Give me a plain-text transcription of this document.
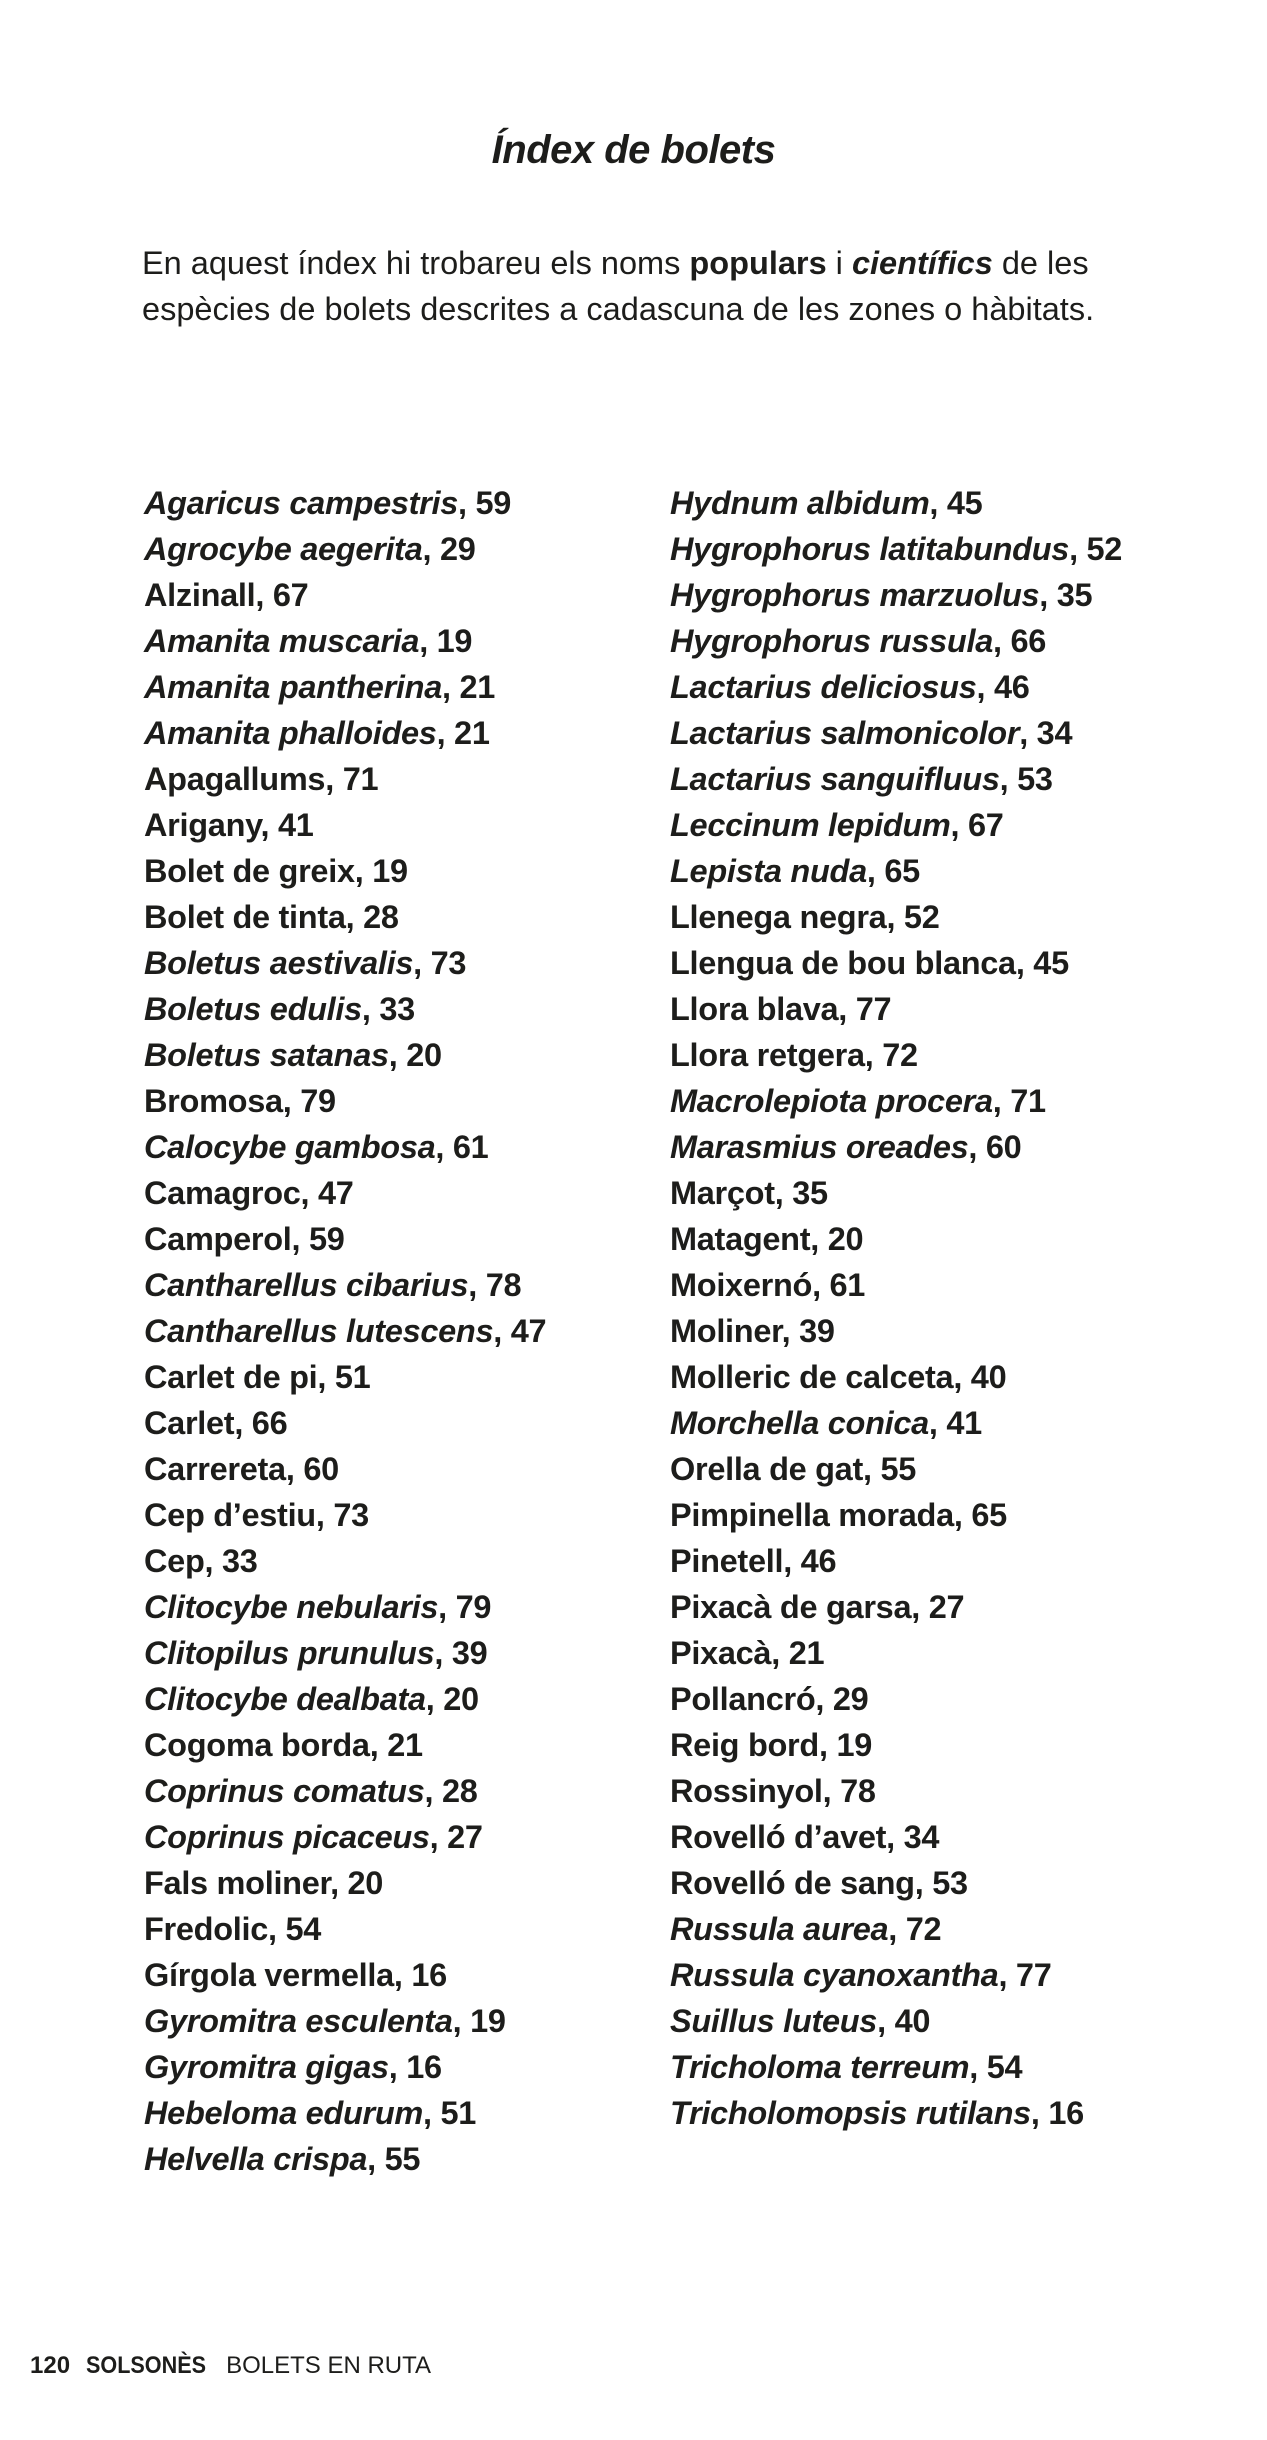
Índex de bolets

En aquest índex hi trobareu els noms populars i científics de les espècies de bolets descrites a cadascuna de les zones o hàbitats.

Agaricus campestris, 59
Agrocybe aegerita, 29
Alzinall, 67
Amanita muscaria, 19
Amanita pantherina, 21
Amanita phalloides, 21
Apagallums, 71
Arigany, 41
Bolet de greix, 19
Bolet de tinta, 28
Boletus aestivalis, 73
Boletus edulis, 33
Boletus satanas, 20
Bromosa, 79
Calocybe gambosa, 61
Camagroc, 47
Camperol, 59
Cantharellus cibarius, 78
Cantharellus lutescens, 47
Carlet de pi, 51
Carlet, 66
Carrereta, 60
Cep d’estiu, 73
Cep, 33
Clitocybe nebularis, 79
Clitopilus prunulus, 39
Clitocybe dealbata, 20
Cogoma borda, 21
Coprinus comatus, 28
Coprinus picaceus, 27
Fals moliner, 20
Fredolic, 54
Gírgola vermella, 16
Gyromitra esculenta, 19
Gyromitra gigas, 16
Hebeloma edurum, 51
Helvella crispa, 55
Hydnum albidum, 45
Hygrophorus latitabundus, 52
Hygrophorus marzuolus, 35
Hygrophorus russula, 66
Lactarius deliciosus, 46
Lactarius salmonicolor, 34
Lactarius sanguifluus, 53
Leccinum lepidum, 67
Lepista nuda, 65
Llenega negra, 52
Llengua de bou blanca, 45
Llora blava, 77
Llora retgera, 72
Macrolepiota procera, 71
Marasmius oreades, 60
Marçot, 35
Matagent, 20
Moixernó, 61
Moliner, 39
Molleric de calceta, 40
Morchella conica, 41
Orella de gat, 55
Pimpinella morada, 65
Pinetell, 46
Pixacà de garsa, 27
Pixacà, 21
Pollancró, 29
Reig bord, 19
Rossinyol, 78
Rovelló d’avet, 34
Rovelló de sang, 53
Russula aurea, 72
Russula cyanoxantha, 77
Suillus luteus, 40
Tricholoma terreum, 54
Tricholomopsis rutilans, 16
120 SOLSONÈS BOLETS EN RUTA
